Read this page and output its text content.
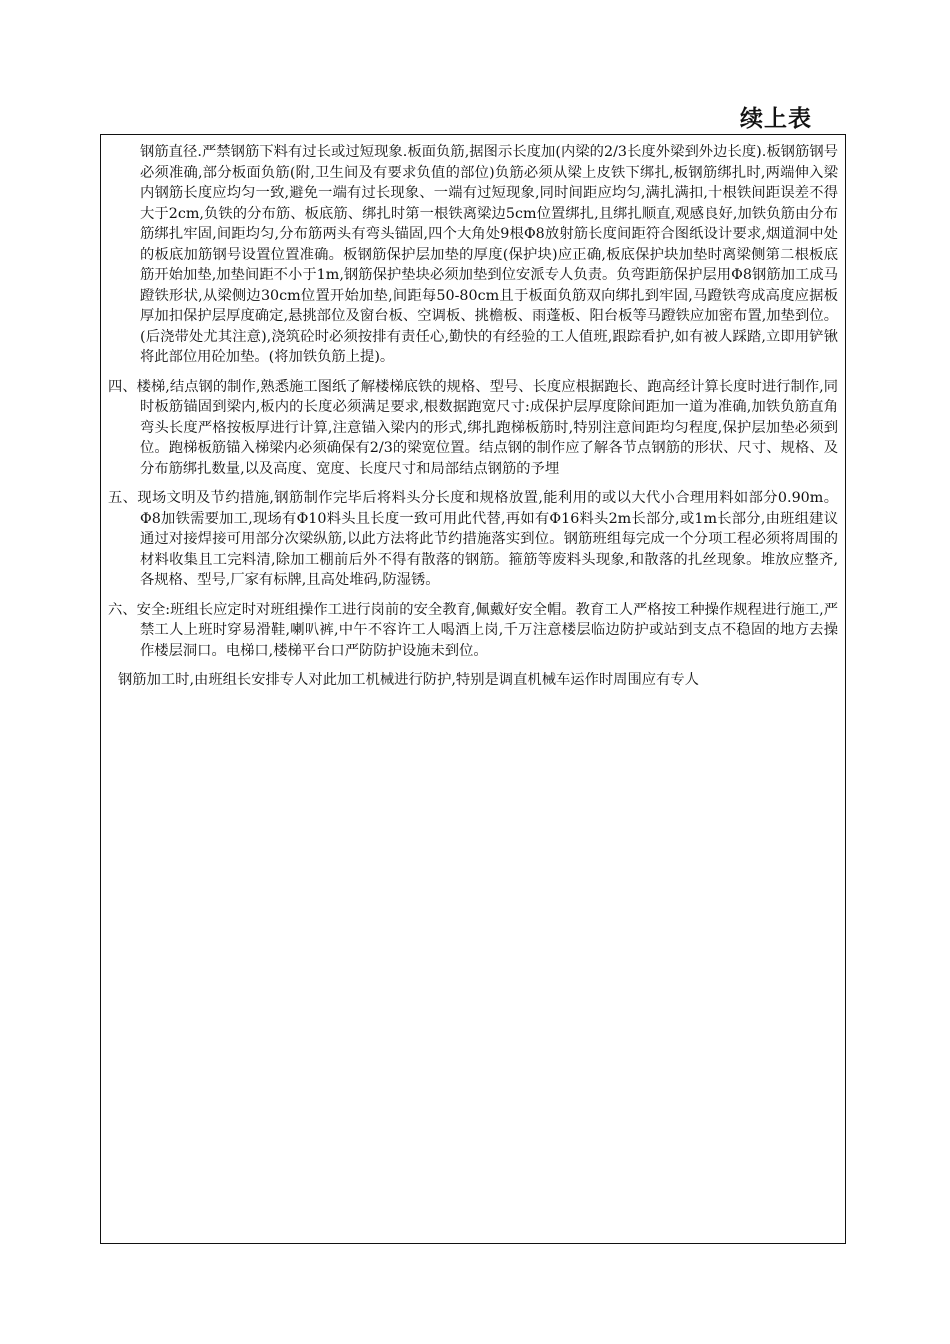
续上表

钢筋直径.严禁钢筋下料有过长或过短现象.板面负筋,据图示长度加(内梁的2/3长度外梁到外边长度).板钢筋钢号必须准确,部分板面负筋(附,卫生间及有要求负值的部位)负筋必须从梁上皮铁下绑扎,板钢筋绑扎时,两端伸入梁内钢筋长度应均匀一致,避免一端有过长现象、一端有过短现象,同时间距应均匀,满扎满扣,十根铁间距误差不得大于2cm,负铁的分布筋、板底筋、绑扎时第一根铁离梁边5cm位置绑扎,且绑扎顺直,观感良好,加铁负筋由分布筋绑扎牢固,间距均匀,分布筋两头有弯头锚固,四个大角处9根Φ8放射筋长度间距符合图纸设计要求,烟道洞中处的板底加筋钢号设置位置准确。板钢筋保护层加垫的厚度(保护块)应正确,板底保护块加垫时离梁侧第二根板底筋开始加垫,加垫间距不小于1m,钢筋保护垫块必须加垫到位安派专人负责。负弯距筋保护层用Φ8钢筋加工成马蹬铁形状,从梁侧边30cm位置开始加垫,间距每50-80cm且于板面负筋双向绑扎到牢固,马蹬铁弯成高度应据板厚加扣保护层厚度确定,悬挑部位及窗台板、空调板、挑檐板、雨蓬板、阳台板等马蹬铁应加密布置,加垫到位。(后浇带处尤其注意),浇筑砼时必须按排有责任心,勤快的有经验的工人值班,跟踪看护,如有被人踩踏,立即用铲锹将此部位用砼加垫。(将加铁负筋上提)。

四、楼梯,结点钢的制作,熟悉施工图纸了解楼梯底铁的规格、型号、长度应根据跑长、跑高经计算长度时进行制作,同时板筋锚固到梁内,板内的长度必须满足要求,根数据跑宽尺寸:成保护层厚度除间距加一道为准确,加铁负筋直角弯头长度严格按板厚进行计算,注意锚入梁内的形式,绑扎跑梯板筋时,特别注意间距均匀程度,保护层加垫必须到位。跑梯板筋锚入梯梁内必须确保有2/3的梁宽位置。结点钢的制作应了解各节点钢筋的形状、尺寸、规格、及分布筋绑扎数量,以及高度、宽度、长度尺寸和局部结点钢筋的予埋

五、现场文明及节约措施,钢筋制作完毕后将料头分长度和规格放置,能利用的或以大代小合理用料如部分0.90m。Φ8加铁需要加工,现场有Φ10料头且长度一致可用此代替,再如有Φ16料头2m长部分,或1m长部分,由班组建议通过对接焊接可用部分次梁纵筋,以此方法将此节约措施落实到位。钢筋班组每完成一个分项工程必须将周围的材料收集且工完料清,除加工棚前后外不得有散落的钢筋。箍筋等废料头现象,和散落的扎丝现象。堆放应整齐,各规格、型号,厂家有标牌,且高处堆码,防湿锈。

六、安全:班组长应定时对班组操作工进行岗前的安全教育,佩戴好安全帽。教育工人严格按工种操作规程进行施工,严禁工人上班时穿易滑鞋,喇叭裤,中午不容许工人喝酒上岗,千万注意楼层临边防护或站到支点不稳固的地方去操作楼层洞口。电梯口,楼梯平台口严防防护设施未到位。

钢筋加工时,由班组长安排专人对此加工机械进行防护,特别是调直机械车运作时周围应有专人
